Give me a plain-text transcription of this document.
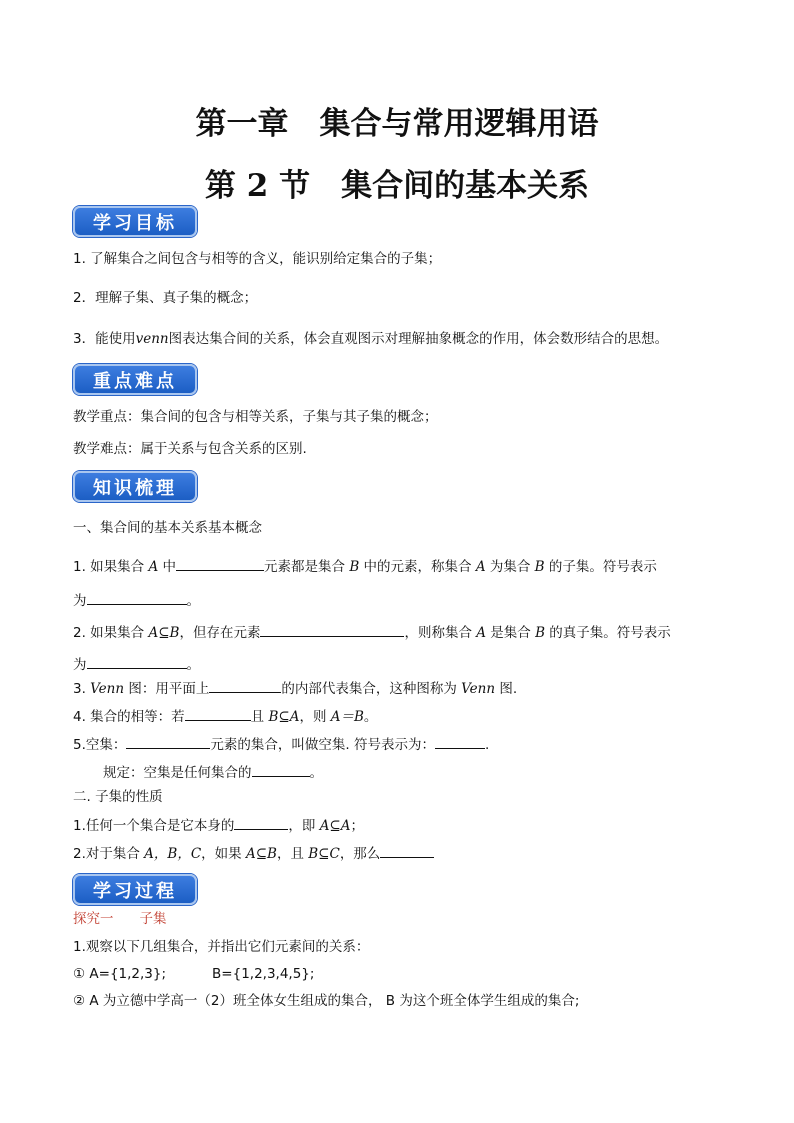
第一章　集合与常用逻辑用语
第 2 节　集合间的基本关系
学习目标
1. 了解集合之间包含与相等的含义，能识别给定集合的子集；
2．理解子集、真子集的概念；
3．能使用venn图表达集合间的关系，体会直观图示对理解抽象概念的作用，体会数形结合的思想。
重点难点
教学重点：集合间的包含与相等关系，子集与其子集的概念；
教学难点：属于关系与包含关系的区别.
知识梳理
一、集合间的基本关系基本概念
1. 如果集合 A 中	元素都是集合 B 中的元素，称集合 A 为集合 B 的子集。符号表示
为	。
2. 如果集合 A⊆B，但存在元素	，则称集合 A 是集合 B 的真子集。符号表示
为	。
3. Venn 图：用平面上	的内部代表集合，这种图称为 Venn 图.
4. 集合的相等：若	且 B⊆A，则 A＝B。
5.空集：	元素的集合，叫做空集. 符号表示为：	.
规定：空集是任何集合的	。
二. 子集的性质
1.任何一个集合是它本身的	，即 A⊆A；
2.对于集合 A，B，C，如果 A⊆B，且 B⊆C，那么
学习过程
探究一 子集
1.观察以下几组集合，并指出它们元素间的关系：
① A={1,2,3};	B={1,2,3,4,5};
② A 为立德中学高一（2）班全体女生组成的集合， B 为这个班全体学生组成的集合;
